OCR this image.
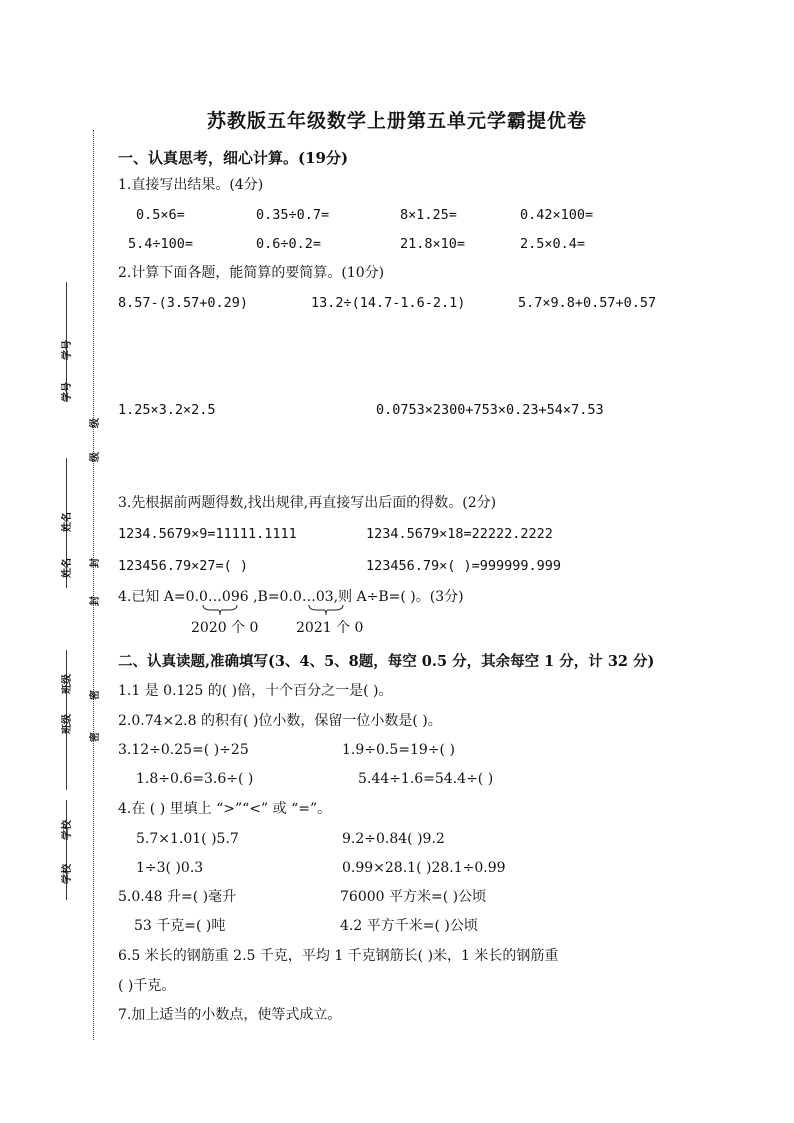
苏教版五年级数学上册第五单元学霸提优卷
学号
学号
级
级
姓名
姓名	封
封
班级
班级
密
密
学校
学校
一、认真思考，细心计算。(19分)
1.直接写出结果。(4分)
0.5×6=	0.35÷0.7=	8×1.25=	0.42×100=
5.4÷100=	0.6÷0.2=	21.8×10=	2.5×0.4=
2.计算下面各题，能简算的要简算。(10分)
8.57-(3.57+0.29)	13.2÷(14.7-1.6-2.1)	5.7×9.8+0.57+0.57
1.25×3.2×2.5	0.0753×2300+753×0.23+54×7.53
3.先根据前两题得数,找出规律,再直接写出后面的得数。(2分)
1234.5679×9=11111.1111	1234.5679×18=22222.2222
123456.79×27=( )	123456.79×( )=999999.999
4.已知 A=0.0…096 ,B=0.0…03,则 A÷B=( )。(3分)
2020 个 0	2021 个 0
二、认真读题,准确填写(3、4、5、8题，每空 0.5 分，其余每空 1 分，计 32 分)
1.1 是 0.125 的( )倍，十个百分之一是( )。
2.0.74×2.8 的积有( )位小数，保留一位小数是( )。
3.12÷0.25=( )÷25	1.9÷0.5=19÷( )
1.8÷0.6=3.6÷( )	5.44÷1.6=54.4÷( )
4.在 ( ) 里填上 “>”“<” 或 “=”。
5.7×1.01( )5.7	9.2÷0.84( )9.2
1÷3( )0.3	0.99×28.1( )28.1÷0.99
5.0.48 升=( )毫升	76000 平方米=( )公顷
53 千克=( )吨	4.2 平方千米=( )公顷
6.5 米长的钢筋重 2.5 千克，平均 1 千克钢筋长( )米，1 米长的钢筋重
( )千克。
7.加上适当的小数点，使等式成立。
